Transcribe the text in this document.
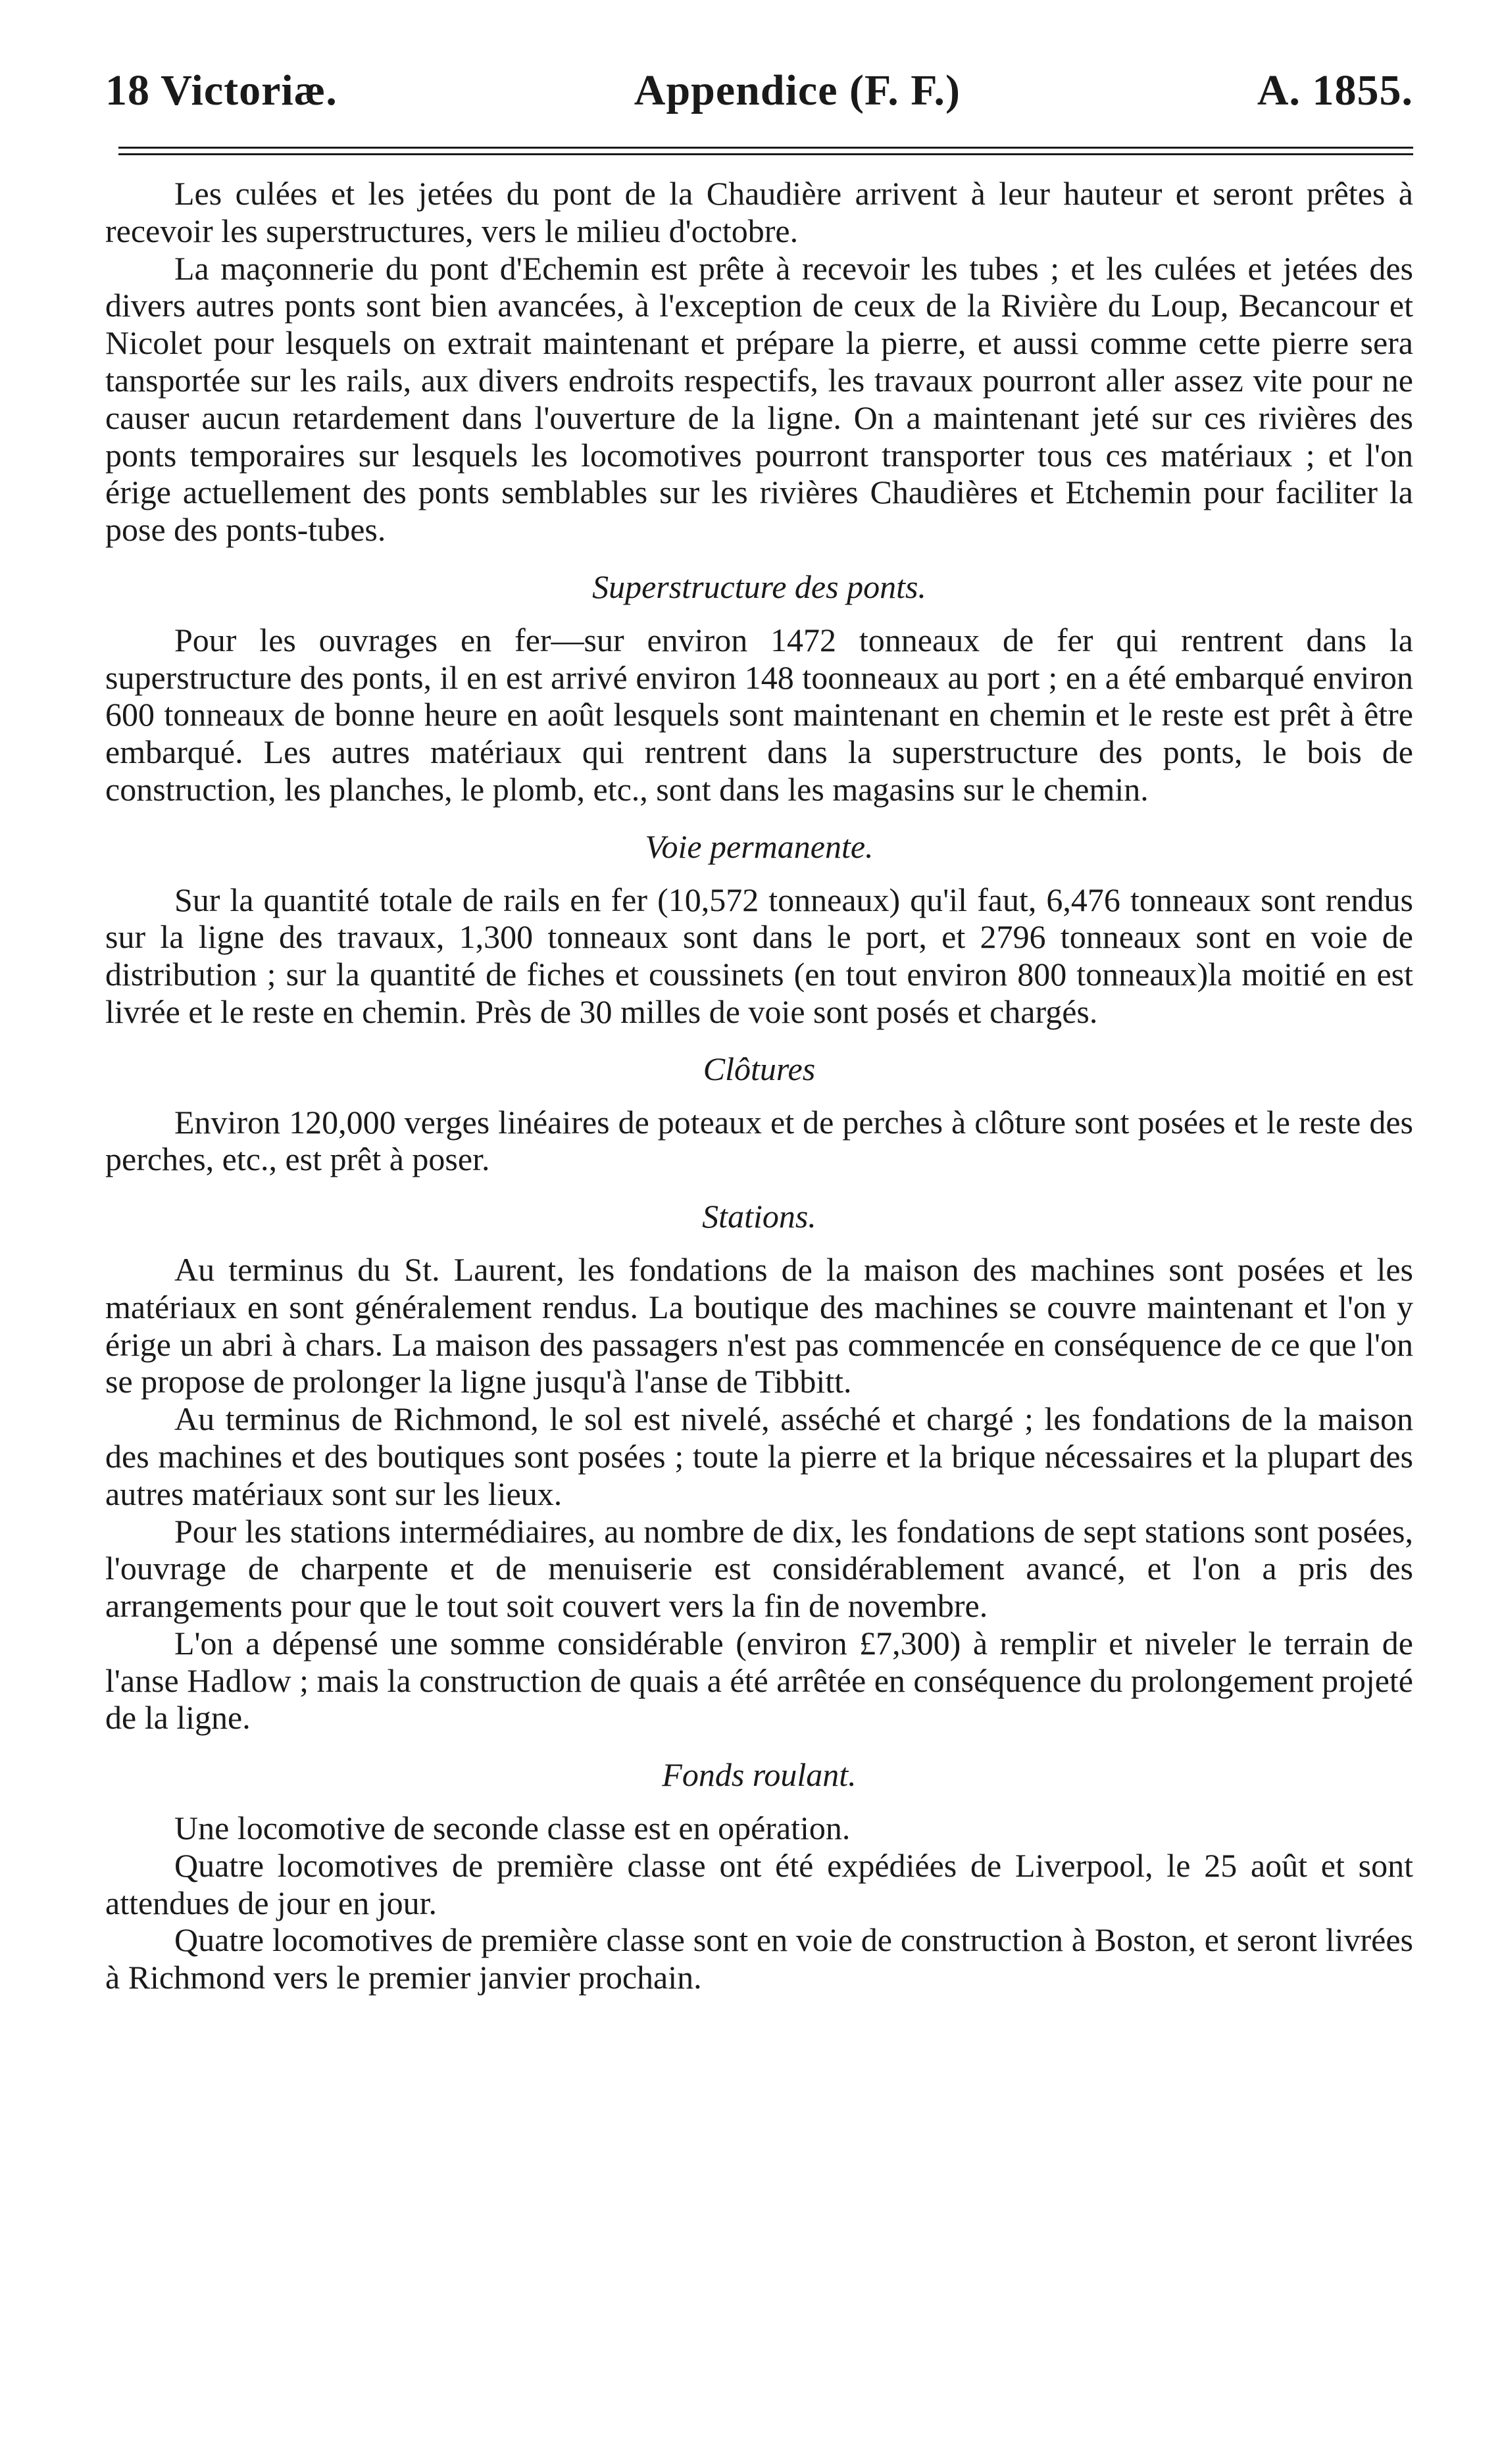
18 Victoriæ.	Appendice (F. F.)	A. 1855.

Les culées et les jetées du pont de la Chaudière arrivent à leur hauteur et seront prêtes à recevoir les superstructures, vers le milieu d'octobre.

La maçonnerie du pont d'Echemin est prête à recevoir les tubes ; et les culées et jetées des divers autres ponts sont bien avancées, à l'exception de ceux de la Rivière du Loup, Becancour et Nicolet pour lesquels on extrait maintenant et prépare la pierre, et aussi comme cette pierre sera tansportée sur les rails, aux divers endroits respectifs, les travaux pourront aller assez vite pour ne causer aucun retardement dans l'ouverture de la ligne. On a maintenant jeté sur ces rivières des ponts temporaires sur lesquels les locomotives pourront transporter tous ces matériaux ; et l'on érige actuellement des ponts semblables sur les rivières Chaudières et Etchemin pour faciliter la pose des ponts-tubes.

Superstructure des ponts.

Pour les ouvrages en fer—sur environ 1472 tonneaux de fer qui rentrent dans la superstructure des ponts, il en est arrivé environ 148 toonneaux au port ; en a été embarqué environ 600 tonneaux de bonne heure en août lesquels sont maintenant en chemin et le reste est prêt à être embarqué. Les autres matériaux qui rentrent dans la superstructure des ponts, le bois de construction, les planches, le plomb, etc., sont dans les magasins sur le chemin.

Voie permanente.

Sur la quantité totale de rails en fer (10,572 tonneaux) qu'il faut, 6,476 tonneaux sont rendus sur la ligne des travaux, 1,300 tonneaux sont dans le port, et 2796 tonneaux sont en voie de distribution ; sur la quantité de fiches et coussinets (en tout environ 800 tonneaux)la moitié en est livrée et le reste en chemin. Près de 30 milles de voie sont posés et chargés.

Clôtures

Environ 120,000 verges linéaires de poteaux et de perches à clôture sont posées et le reste des perches, etc., est prêt à poser.

Stations.

Au terminus du St. Laurent, les fondations de la maison des machines sont posées et les matériaux en sont généralement rendus. La boutique des machines se couvre maintenant et l'on y érige un abri à chars. La maison des passagers n'est pas commencée en conséquence de ce que l'on se propose de prolonger la ligne jusqu'à l'anse de Tibbitt.

Au terminus de Richmond, le sol est nivelé, asséché et chargé ; les fondations de la maison des machines et des boutiques sont posées ; toute la pierre et la brique nécessaires et la plupart des autres matériaux sont sur les lieux.

Pour les stations intermédiaires, au nombre de dix, les fondations de sept stations sont posées, l'ouvrage de charpente et de menuiserie est considérablement avancé, et l'on a pris des arrangements pour que le tout soit couvert vers la fin de novembre.

L'on a dépensé une somme considérable (environ £7,300) à remplir et niveler le terrain de l'anse Hadlow ; mais la construction de quais a été arrêtée en conséquence du prolongement projeté de la ligne.

Fonds roulant.

Une locomotive de seconde classe est en opération.

Quatre locomotives de première classe ont été expédiées de Liverpool, le 25 août et sont attendues de jour en jour.

Quatre locomotives de première classe sont en voie de construction à Boston, et seront livrées à Richmond vers le premier janvier prochain.
